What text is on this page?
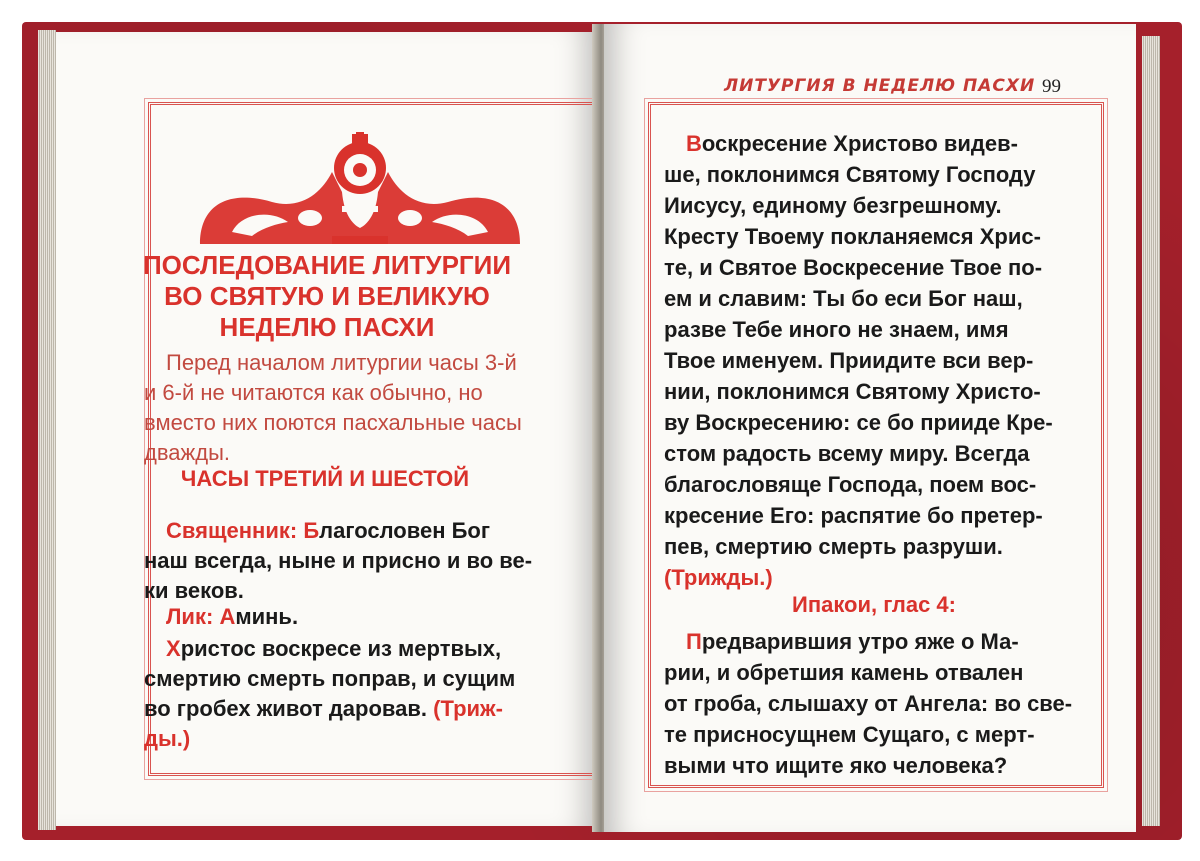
ПОСЛЕДОВАНИЕ ЛИТУРГИИ
ВО СВЯТУЮ И ВЕЛИКУЮ
НЕДЕЛЮ ПАСХИ
Перед началом литургии часы 3-й
и 6-й не читаются как обычно, но
вместо них поются пасхальные часы
дважды.
ЧАСЫ ТРЕТИЙ И ШЕСТОЙ
Священник: Благословен Бог
наш всегда, ныне и присно и во ве-
ки веков.
Лик: Аминь.
Христос воскресе из мертвых,
смертию смерть поправ, и сущим
во гробех живот даровав. (Триж-
ды.)
ЛИТУРГИЯ В НЕДЕЛЮ ПАСХИ 99
Воскресение Христово видев-
ше, поклонимся Святому Господу
Иисусу, единому безгрешному.
Кресту Твоему покланяемся Хрис-
те, и Святое Воскресение Твое по-
ем и славим: Ты бо еси Бог наш,
разве Тебе иного не знаем, имя
Твое именуем. Приидите вси вер-
нии, поклонимся Святому Христо-
ву Воскресению: се бо прииде Кре-
стом радость всему миру. Всегда
благословяще Господа, поем вос-
кресение Его: распятие бо претер-
пев, смертию смерть разруши.
(Трижды.)
Ипакои, глас 4:
Предварившия утро яже о Ма-
рии, и обретшия камень отвален
от гроба, слышаху от Ангела: во све-
те присносущнем Сущаго, с мерт-
выми что ищите яко человека?
